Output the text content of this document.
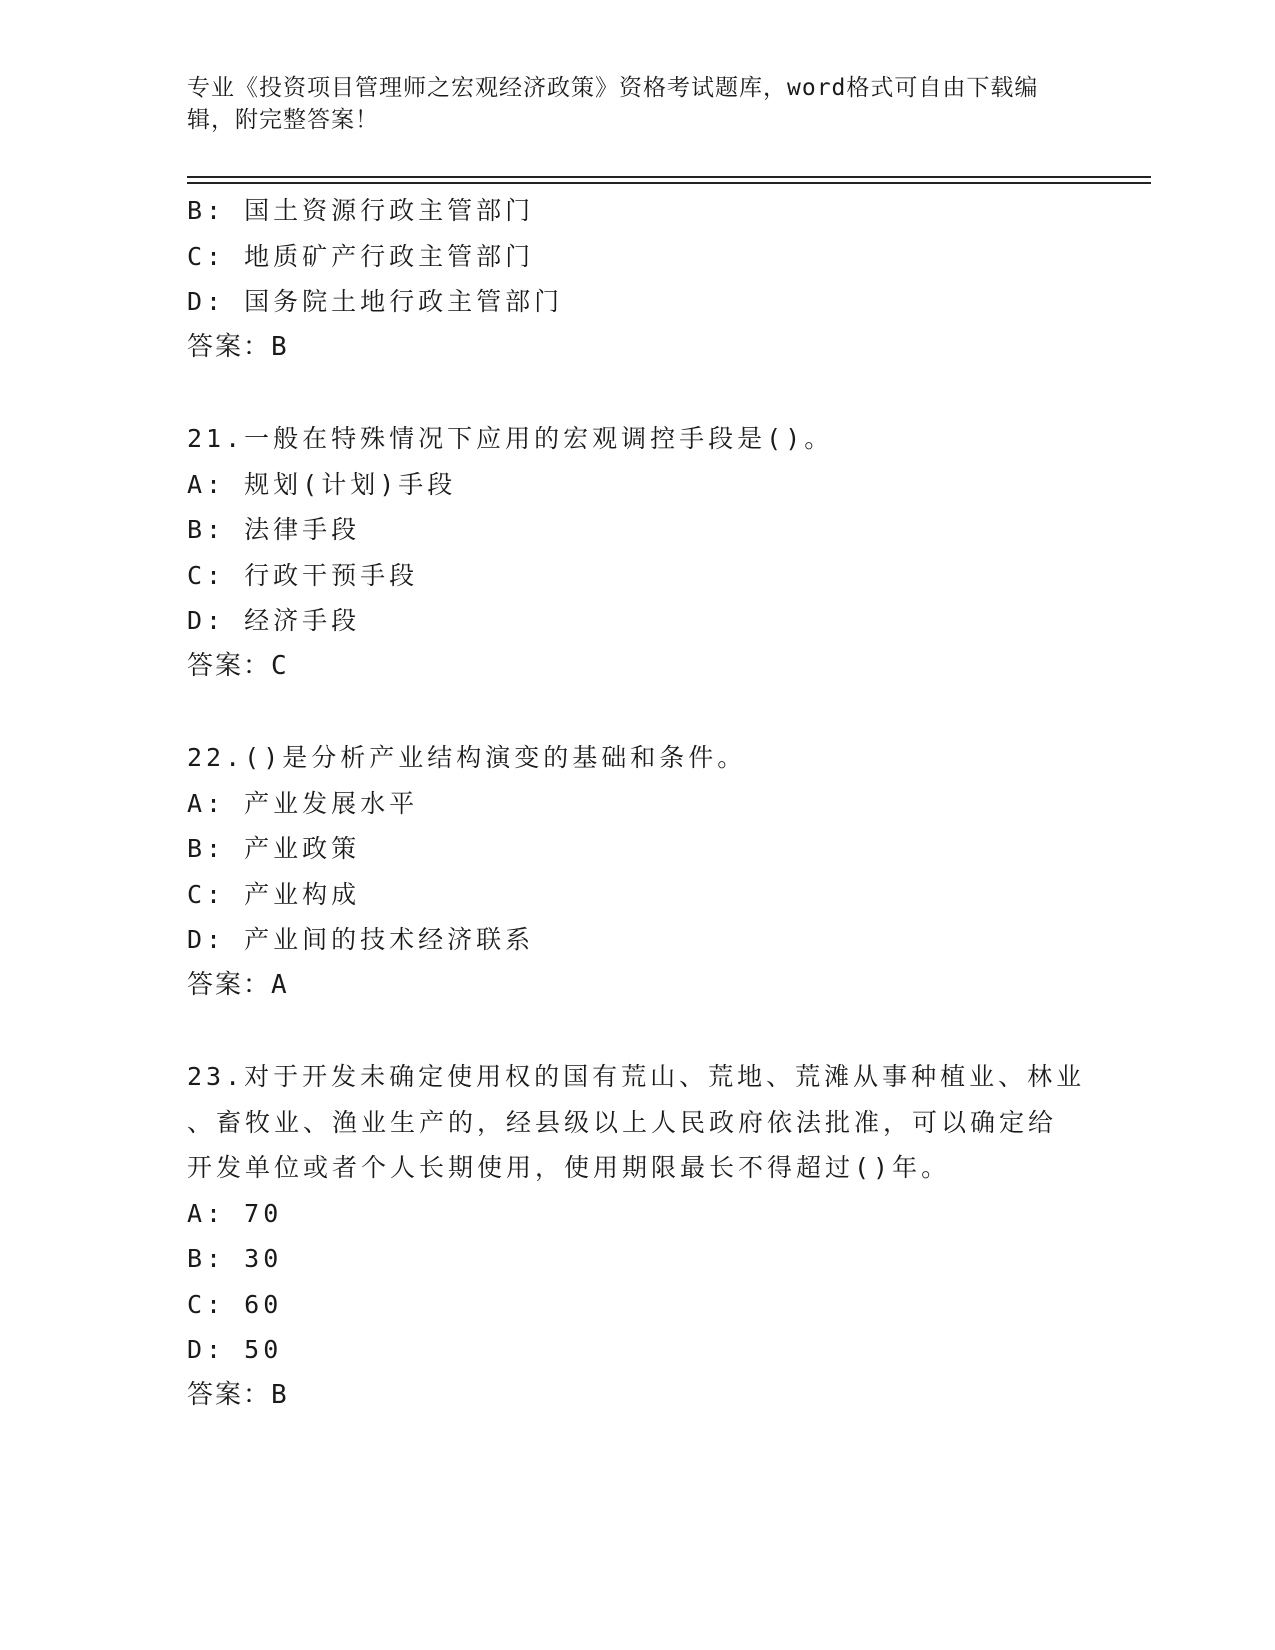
专业《投资项目管理师之宏观经济政策》资格考试题库，word格式可自由下载编
辑，附完整答案！
B: 国土资源行政主管部门
C: 地质矿产行政主管部门
D: 国务院土地行政主管部门
答案：B
21.一般在特殊情况下应用的宏观调控手段是()。
A: 规划(计划)手段
B: 法律手段
C: 行政干预手段
D: 经济手段
答案：C
22.()是分析产业结构演变的基础和条件。
A: 产业发展水平
B: 产业政策
C: 产业构成
D: 产业间的技术经济联系
答案：A
23.对于开发未确定使用权的国有荒山、荒地、荒滩从事种植业、林业
、畜牧业、渔业生产的，经县级以上人民政府依法批准，可以确定给
开发单位或者个人长期使用，使用期限最长不得超过()年。
A: 70
B: 30
C: 60
D: 50
答案：B
